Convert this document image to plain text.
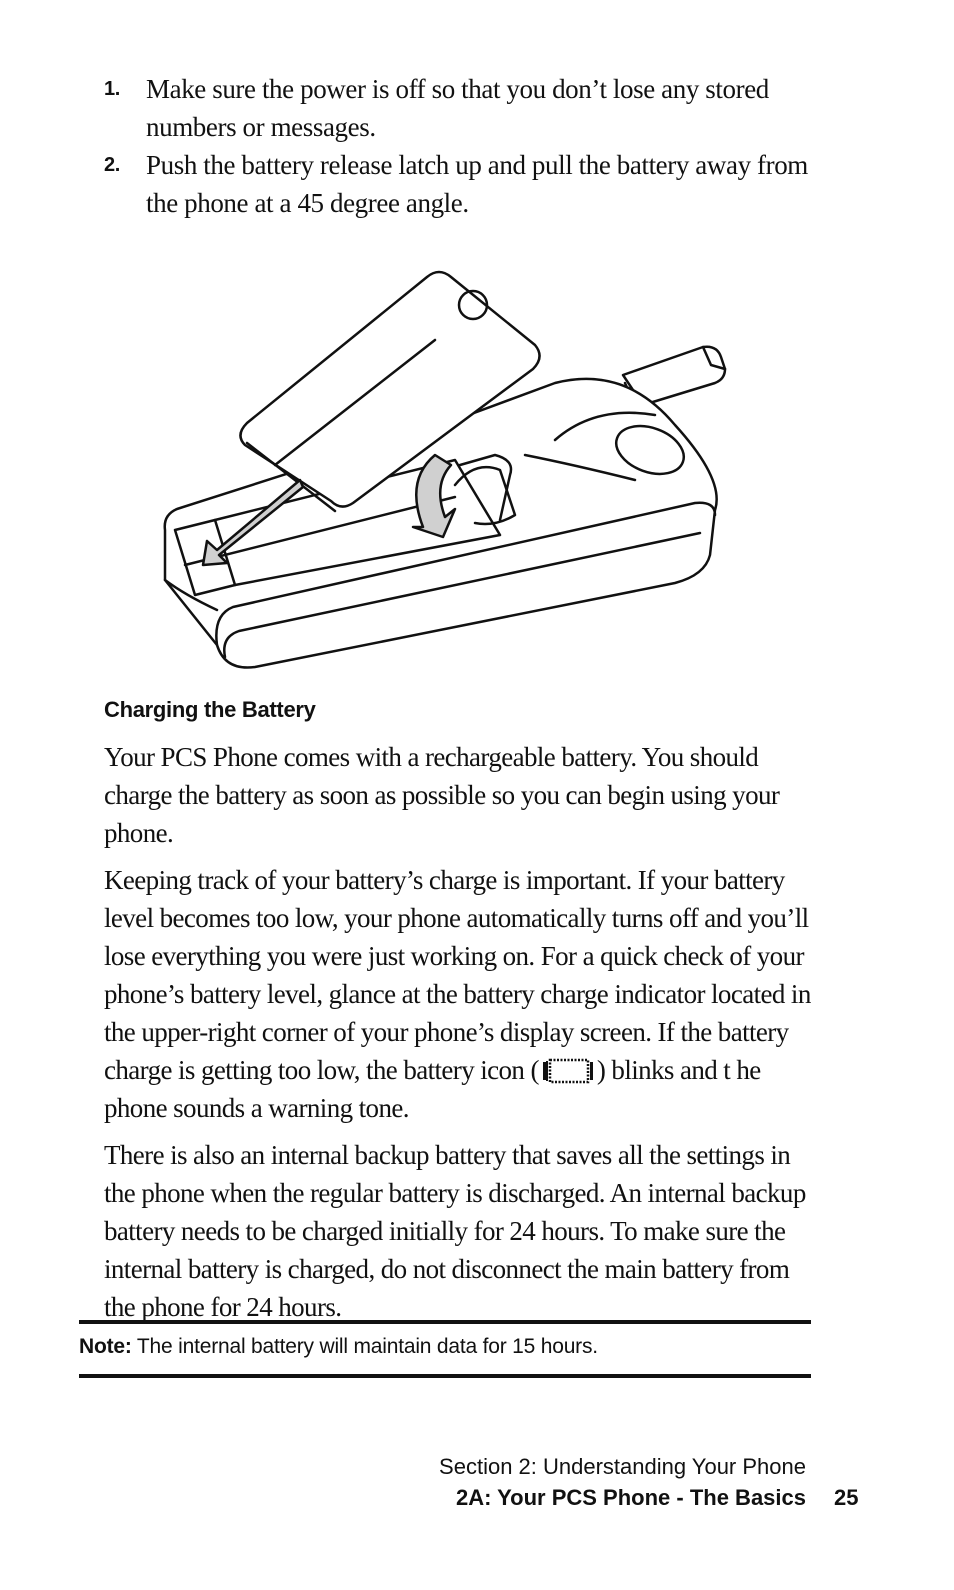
1. Make sure the power is off so that you don’t lose any stored numbers or messages.
2. Push the battery release latch up and pull the battery away from the phone at a 45 degree angle.
Charging the Battery

Your PCS Phone comes with a rechargeable battery. You should charge the battery as soon as possible so you can begin using your phone.

Keeping track of your battery’s charge is important. If your battery level becomes too low, your phone automatically turns off and you’ll lose everything you were just working on. For a quick check of your phone’s battery level, glance at the battery charge indicator located in the upper-right corner of your phone’s display screen. If the battery charge is getting too low, the battery icon ( ) blinks and t he phone sounds a warning tone.

There is also an internal backup battery that saves all the settings in the phone when the regular battery is discharged. An internal backup battery needs to be charged initially for 24 hours. To make sure the internal battery is charged, do not disconnect the main battery from the phone for 24 hours.

Note: The internal battery will maintain data for 15 hours.
Section 2: Understanding Your Phone
2A: Your PCS Phone - The Basics 25
